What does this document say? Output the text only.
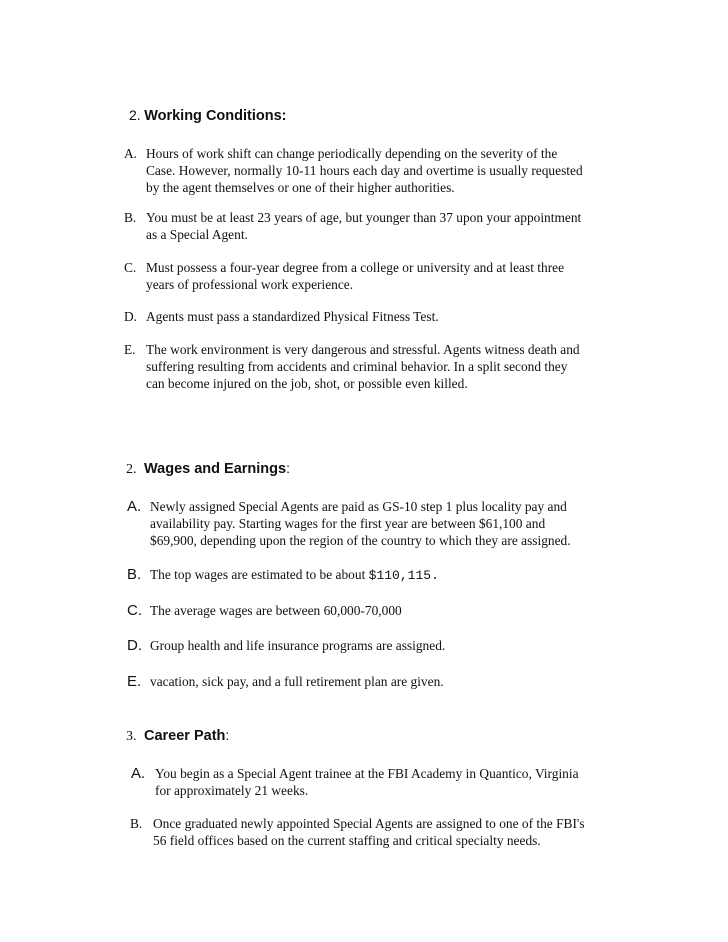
2. Working Conditions:
A. Hours of work shift can change periodically depending on the severity of the
Case. However, normally 10-11 hours each day and overtime is usually requested
by the agent themselves or one of their higher authorities.
B. You must be at least 23 years of age, but younger than 37 upon your appointment
as a Special Agent.
C. Must possess a four-year degree from a college or university and at least three
years of professional work experience.
D. Agents must pass a standardized Physical Fitness Test.
E. The work environment is very dangerous and stressful. Agents witness death and
suffering resulting from accidents and criminal behavior. In a split second they
can become injured on the job, shot, or possible even killed.
2. Wages and Earnings:
A. Newly assigned Special Agents are paid as GS-10 step 1 plus locality pay and
availability pay. Starting wages for the first year are between $61,100 and
$69,900, depending upon the region of the country to which they are assigned.
B. The top wages are estimated to be about $110,115.
C. The average wages are between 60,000-70,000
D. Group health and life insurance programs are assigned.
E. vacation, sick pay, and a full retirement plan are given.
3. Career Path:
A. You begin as a Special Agent trainee at the FBI Academy in Quantico, Virginia
for approximately 21 weeks.
B. Once graduated newly appointed Special Agents are assigned to one of the FBI's
56 field offices based on the current staffing and critical specialty needs.
